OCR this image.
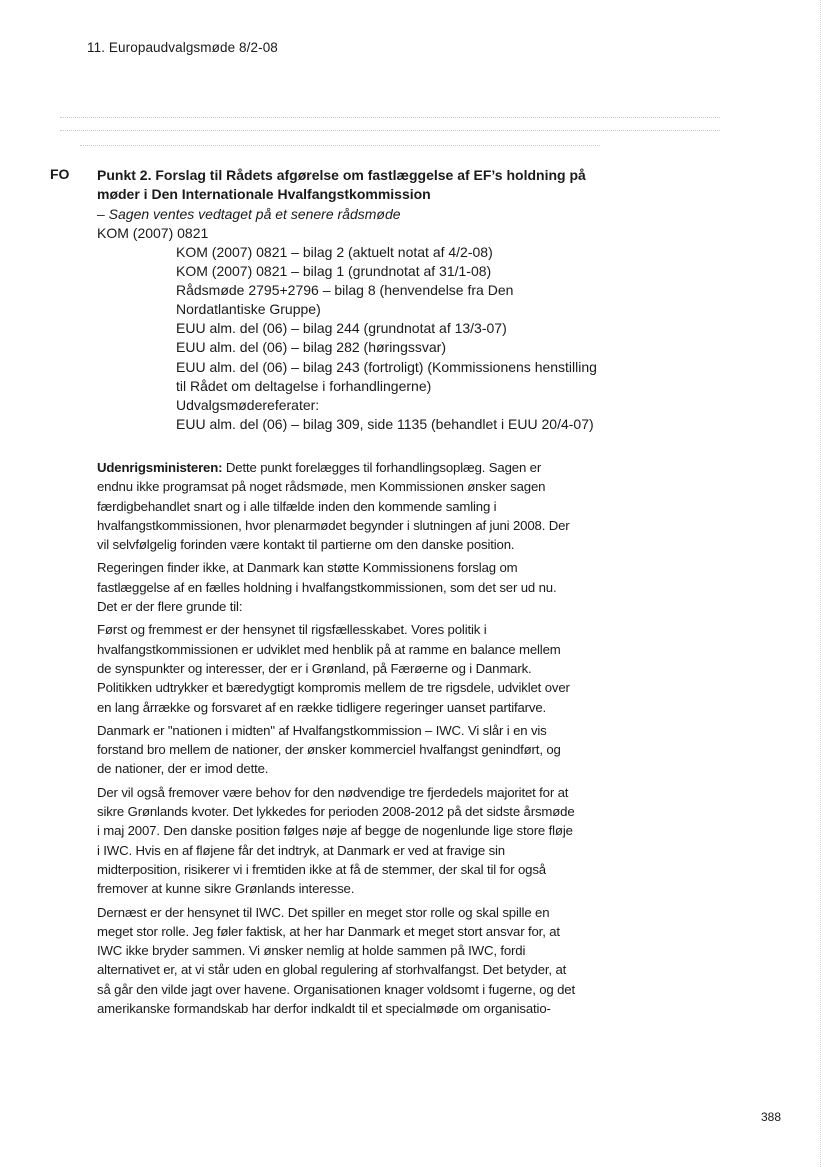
11. Europaudvalgsmøde 8/2-08
FO Punkt 2. Forslag til Rådets afgørelse om fastlæggelse af EF’s holdning på møder i Den Internationale Hvalfangstkommission
– Sagen ventes vedtaget på et senere rådsmøde
KOM (2007) 0821
KOM (2007) 0821 – bilag 2 (aktuelt notat af 4/2-08)
KOM (2007) 0821 – bilag 1 (grundnotat af 31/1-08)
Rådsmøde 2795+2796 – bilag 8 (henvendelse fra Den Nordatlantiske Gruppe)
EUU alm. del (06) – bilag 244 (grundnotat af 13/3-07)
EUU alm. del (06) – bilag 282 (høringssvar)
EUU alm. del (06) – bilag 243 (fortroligt) (Kommissionens henstilling til Rådet om deltagelse i forhandlingerne)
Udvalgsmødereferater:
EUU alm. del (06) – bilag 309, side 1135 (behandlet i EUU 20/4-07)

Udenrigsministeren: Dette punkt forelægges til forhandlingsoplæg. Sagen er endnu ikke programsat på noget rådsmøde, men Kommissionen ønsker sagen færdigbehandlet snart og i alle tilfælde inden den kommende samling i hvalfangstkommissionen, hvor plenarmødet begynder i slutningen af juni 2008. Der vil selvfølgelig forinden være kontakt til partierne om den danske position.

Regeringen finder ikke, at Danmark kan støtte Kommissionens forslag om fastlæggelse af en fælles holdning i hvalfangstkommissionen, som det ser ud nu. Det er der flere grunde til:

Først og fremmest er der hensynet til rigsfællesskabet. Vores politik i hvalfangstkommissionen er udviklet med henblik på at ramme en balance mellem de synspunkter og interesser, der er i Grønland, på Færøerne og i Danmark. Politikken udtrykker et bæredygtigt kompromis mellem de tre rigsdele, udviklet over en lang årrække og forsvaret af en række tidligere regeringer uanset partifarve.

Danmark er "nationen i midten" af Hvalfangstkommission – IWC. Vi slår i en vis forstand bro mellem de nationer, der ønsker kommerciel hvalfangst genindført, og de nationer, der er imod dette.

Der vil også fremover være behov for den nødvendige tre fjerdedels majoritet for at sikre Grønlands kvoter. Det lykkedes for perioden 2008-2012 på det sidste årsmøde i maj 2007. Den danske position følges nøje af begge de nogenlunde lige store fløje i IWC. Hvis en af fløjene får det indtryk, at Danmark er ved at fravige sin midterposition, risikerer vi i fremtiden ikke at få de stemmer, der skal til for også fremover at kunne sikre Grønlands interesse.

Dernæst er der hensynet til IWC. Det spiller en meget stor rolle og skal spille en meget stor rolle. Jeg føler faktisk, at her har Danmark et meget stort ansvar for, at IWC ikke bryder sammen. Vi ønsker nemlig at holde sammen på IWC, fordi alternativet er, at vi står uden en global regulering af storhvalfangst. Det betyder, at så går den vilde jagt over havene. Organisationen knager voldsomt i fugerne, og det amerikanske formandskab har derfor indkaldt til et specialmøde om organisatio-

388
